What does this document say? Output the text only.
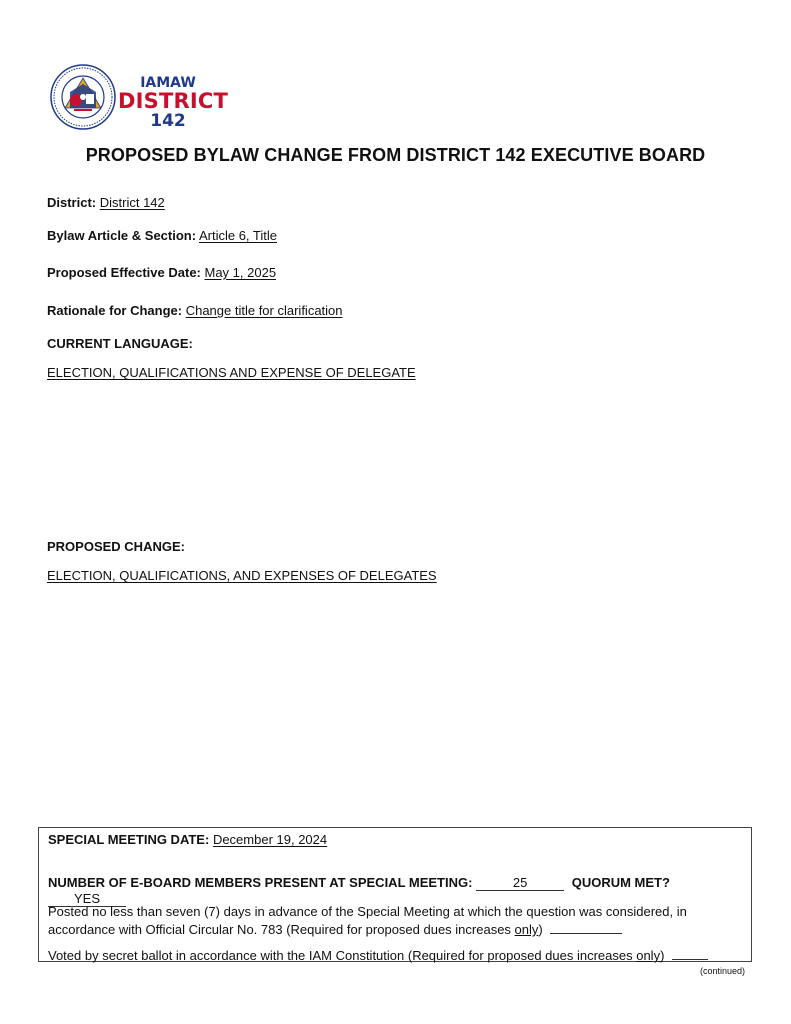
IAMAW
DISTRICT
142
PROPOSED BYLAW CHANGE FROM DISTRICT 142 EXECUTIVE BOARD
District: District 142
Bylaw Article & Section: Article 6, Title
Proposed Effective Date: May 1, 2025
Rationale for Change: Change title for clarification
CURRENT LANGUAGE:
ELECTION, QUALIFICATIONS AND EXPENSE OF DELEGATE
PROPOSED CHANGE:
ELECTION, QUALIFICATIONS, AND EXPENSES OF DELEGATES
SPECIAL MEETING DATE: December 19, 2024
NUMBER OF E-BOARD MEMBERS PRESENT AT SPECIAL MEETING:	25	QUORUM MET? YES
Posted no less than seven (7) days in advance of the Special Meeting at which the question was considered, in
accordance with Official Circular No. 783 (Required for proposed dues increases only)
Voted by secret ballot in accordance with the IAM Constitution (Required for proposed dues increases only)
(continued)
